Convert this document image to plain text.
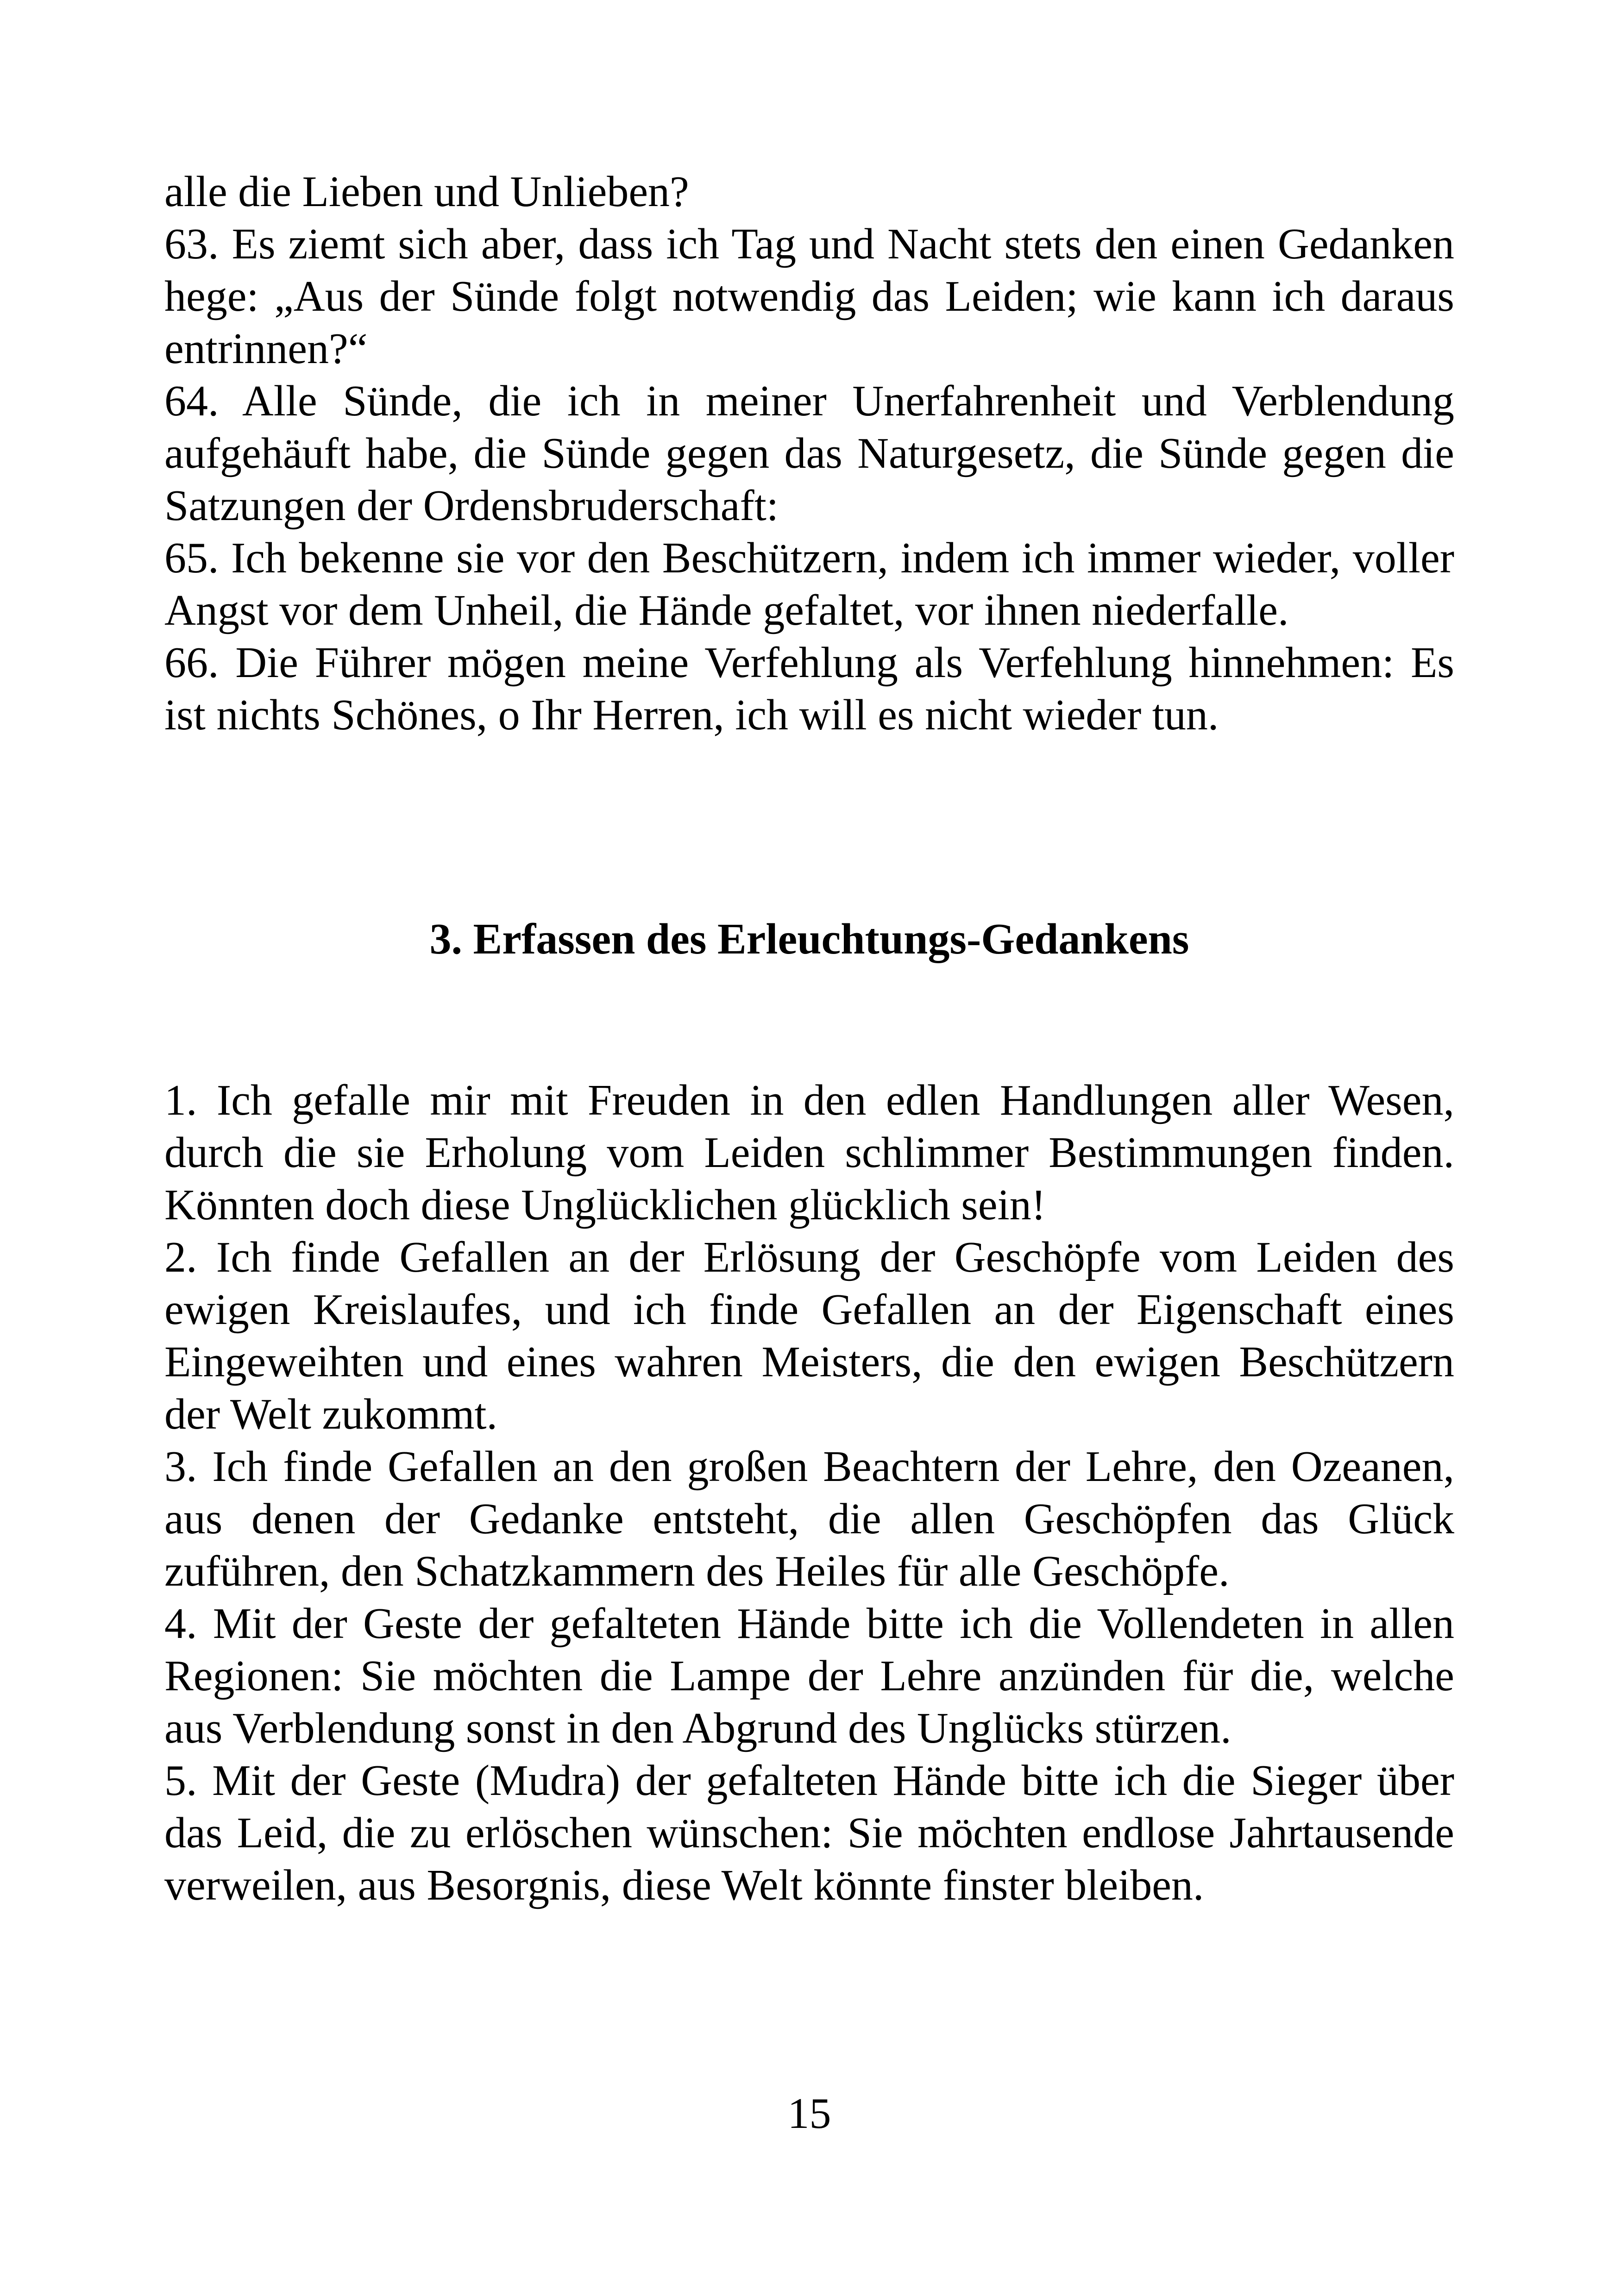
alle die Lieben und Unlieben?

63. Es ziemt sich aber, dass ich Tag und Nacht stets den einen Gedanken hege: „Aus der Sünde folgt notwendig das Leiden; wie kann ich daraus entrinnen?“

64. Alle Sünde, die ich in meiner Unerfahrenheit und Verblendung aufgehäuft habe, die Sünde gegen das Naturgesetz, die Sünde gegen die Satzungen der Ordensbruderschaft:

65. Ich bekenne sie vor den Beschützern, indem ich immer wieder, voller Angst vor dem Unheil, die Hände gefaltet, vor ihnen niederfalle.

66. Die Führer mögen meine Verfehlung als Verfehlung hinnehmen: Es ist nichts Schönes, o Ihr Herren, ich will es nicht wieder tun.

3. Erfassen des Erleuchtungs-Gedankens

1. Ich gefalle mir mit Freuden in den edlen Handlungen aller Wesen, durch die sie Erholung vom Leiden schlimmer Bestimmungen finden. Könnten doch diese Unglücklichen glücklich sein!

2. Ich finde Gefallen an der Erlösung der Geschöpfe vom Leiden des ewigen Kreislaufes, und ich finde Gefallen an der Eigenschaft eines Eingeweihten und eines wahren Meisters, die den ewigen Beschützern der Welt zukommt.

3. Ich finde Gefallen an den großen Beachtern der Lehre, den Ozeanen, aus denen der Gedanke entsteht, die allen Geschöpfen das Glück zuführen, den Schatzkammern des Heiles für alle Geschöpfe.

4. Mit der Geste der gefalteten Hände bitte ich die Vollendeten in allen Regionen: Sie möchten die Lampe der Lehre anzünden für die, welche aus Verblendung sonst in den Abgrund des Unglücks stürzen.

5. Mit der Geste (Mudra) der gefalteten Hände bitte ich die Sieger über das Leid, die zu erlöschen wünschen: Sie möchten endlose Jahrtausende verweilen, aus Besorgnis, diese Welt könnte finster bleiben.

15
